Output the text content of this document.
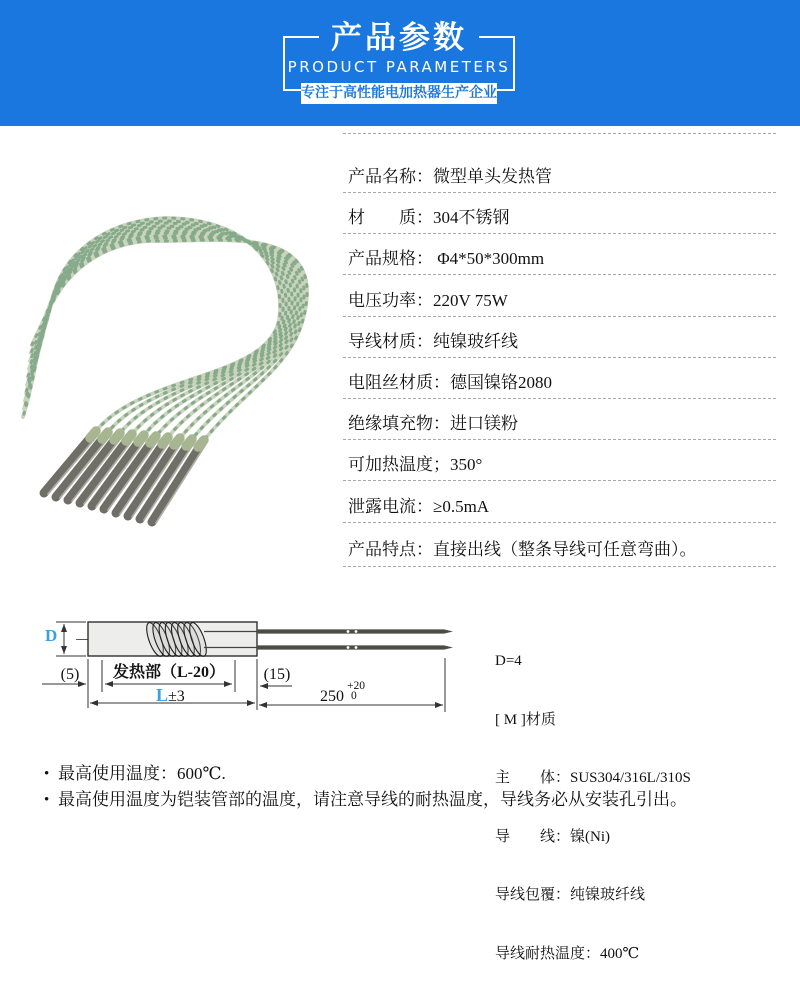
产品参数
PRODUCT PARAMETERS
专注于高性能电加热器生产企业
产品名称：微型单头发热管
材　　质：304不锈钢
产品规格： Φ4*50*300mm
电压功率：220V 75W
导线材质：纯镍玻纤线
电阻丝材质：德国镍铬2080
绝缘填充物：进口镁粉
可加热温度；350°
泄露电流：≥0.5mA
产品特点：直接出线（整条导线可任意弯曲）。
D
(5)	发热部（L-20）	(15)
L±3	250
+20
0

D=4

[ M ]材质

主　　体：SUS304/316L/310S

导　　线：镍(Ni)

导线包覆：纯镍玻纤线

导线耐热温度：400℃

• 最高使用温度：600℃.
• 最高使用温度为铠装管部的温度，请注意导线的耐热温度，导线务必从安装孔引出。
